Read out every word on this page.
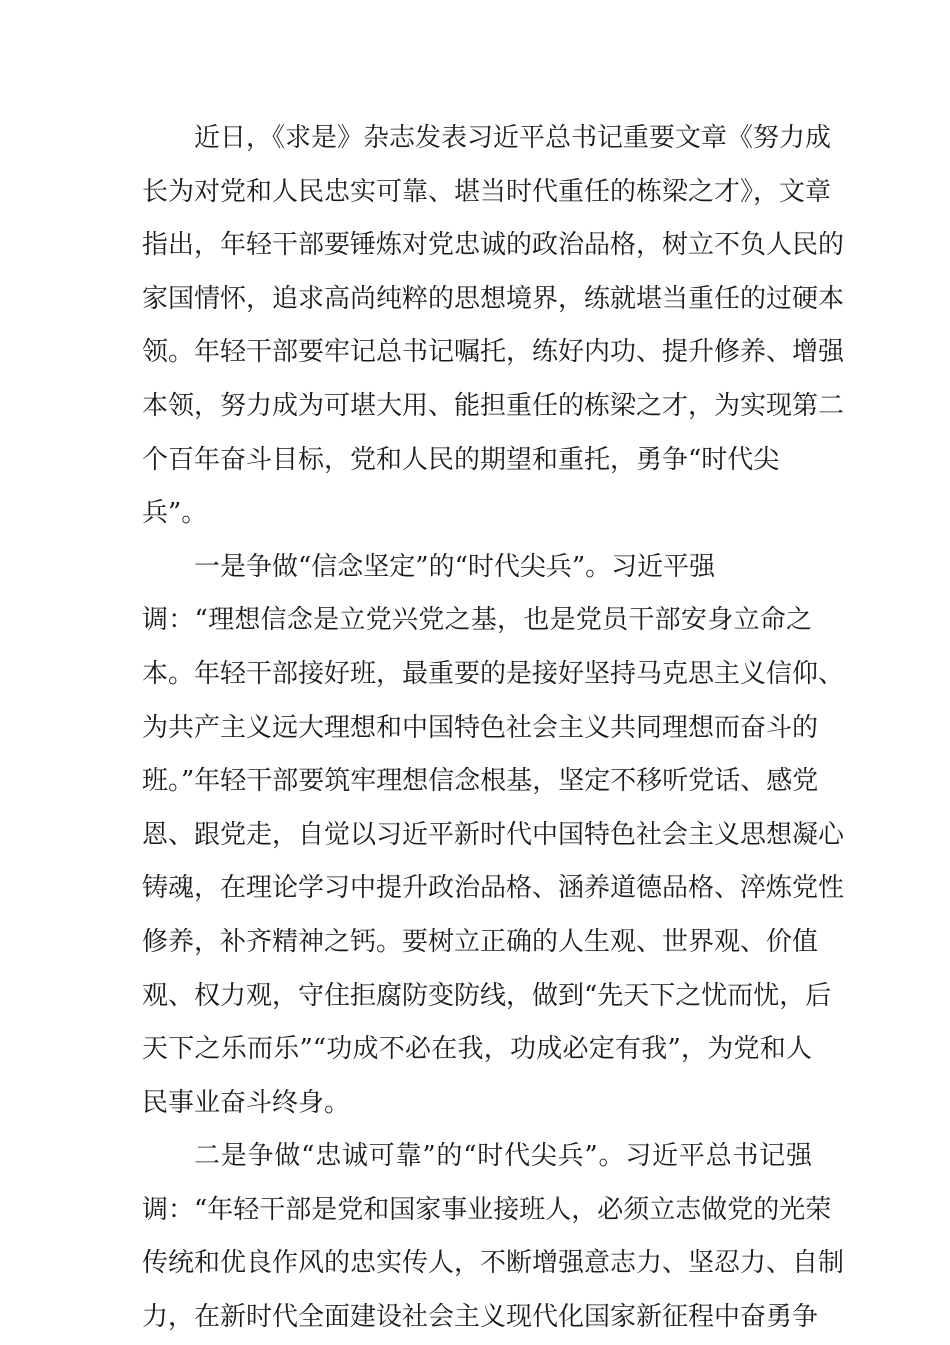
近日，《求是》杂志发表习近平总书记重要文章《努力成
长为对党和人民忠实可靠、堪当时代重任的栋梁之才》，文章
指出，年轻干部要锤炼对党忠诚的政治品格，树立不负人民的
家国情怀，追求高尚纯粹的思想境界，练就堪当重任的过硬本
领。年轻干部要牢记总书记嘱托，练好内功、提升修养、增强
本领，努力成为可堪大用、能担重任的栋梁之才，为实现第二
个百年奋斗目标，党和人民的期望和重托，勇争“时代尖
兵”。
一是争做“信念坚定”的“时代尖兵”。习近平强
调：“理想信念是立党兴党之基，也是党员干部安身立命之
本。年轻干部接好班，最重要的是接好坚持马克思主义信仰、
为共产主义远大理想和中国特色社会主义共同理想而奋斗的
班。”年轻干部要筑牢理想信念根基，坚定不移听党话、感党
恩、跟党走，自觉以习近平新时代中国特色社会主义思想凝心
铸魂，在理论学习中提升政治品格、涵养道德品格、淬炼党性
修养，补齐精神之钙。要树立正确的人生观、世界观、价值
观、权力观，守住拒腐防变防线，做到“先天下之忧而忧，后
天下之乐而乐”“功成不必在我，功成必定有我”，为党和人
民事业奋斗终身。
二是争做“忠诚可靠”的“时代尖兵”。习近平总书记强
调：“年轻干部是党和国家事业接班人，必须立志做党的光荣
传统和优良作风的忠实传人，不断增强意志力、坚忍力、自制
力，在新时代全面建设社会主义现代化国家新征程中奋勇争
